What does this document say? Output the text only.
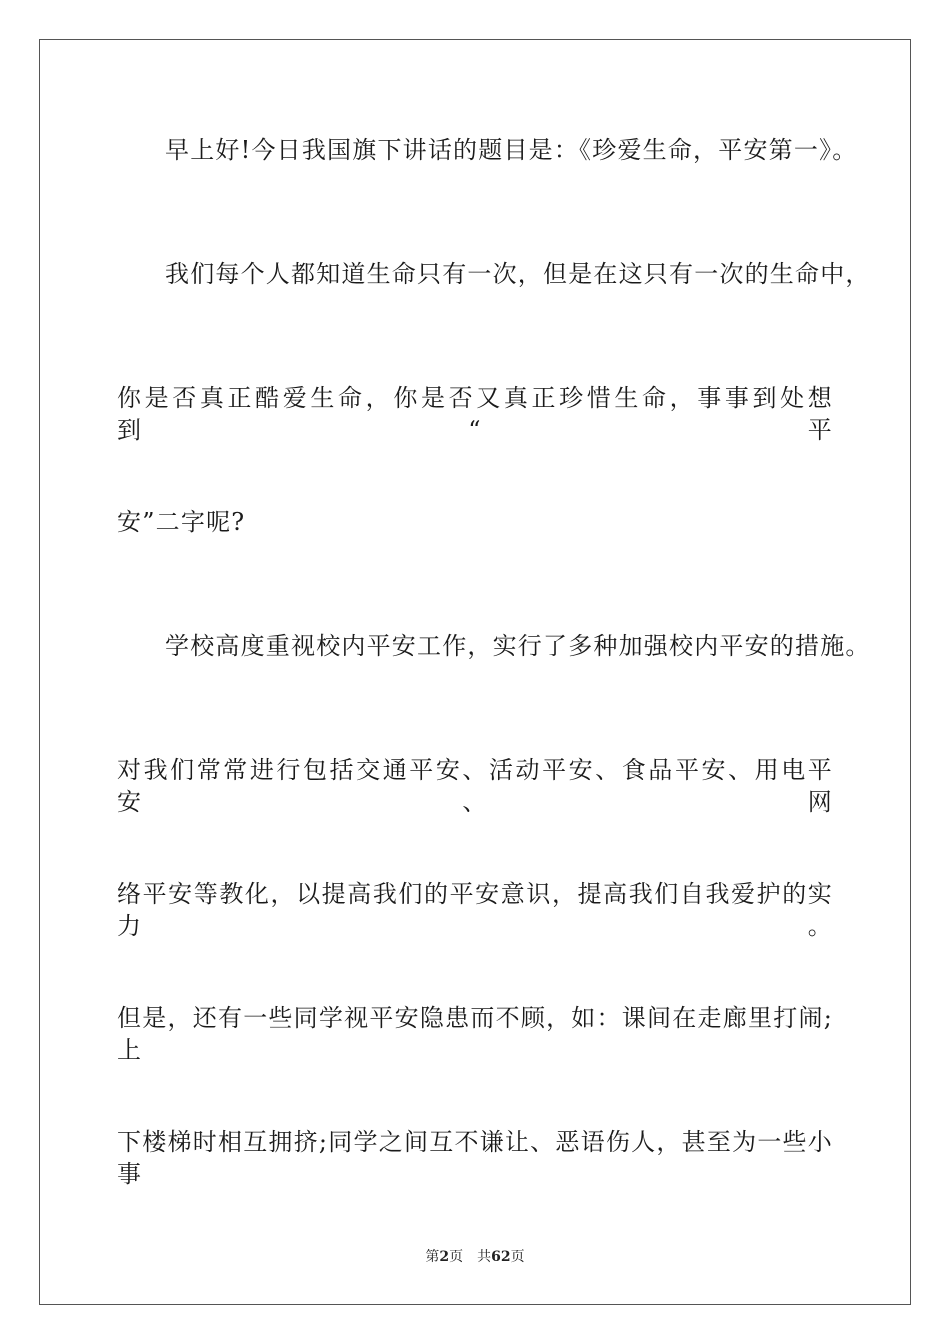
早上好!今日我国旗下讲话的题目是：《珍爱生命，平安第一》。
我们每个人都知道生命只有一次，但是在这只有一次的生命中，
你是否真正酷爱生命，你是否又真正珍惜生命，事事到处想到“平
安”二字呢?
学校高度重视校内平安工作，实行了多种加强校内平安的措施。
对我们常常进行包括交通平安、活动平安、食品平安、用电平安、网
络平安等教化，以提高我们的平安意识，提高我们自我爱护的实力。
但是，还有一些同学视平安隐患而不顾，如：课间在走廊里打闹;上
下楼梯时相互拥挤;同学之间互不谦让、恶语伤人，甚至为一些小事
第2页 共62页
